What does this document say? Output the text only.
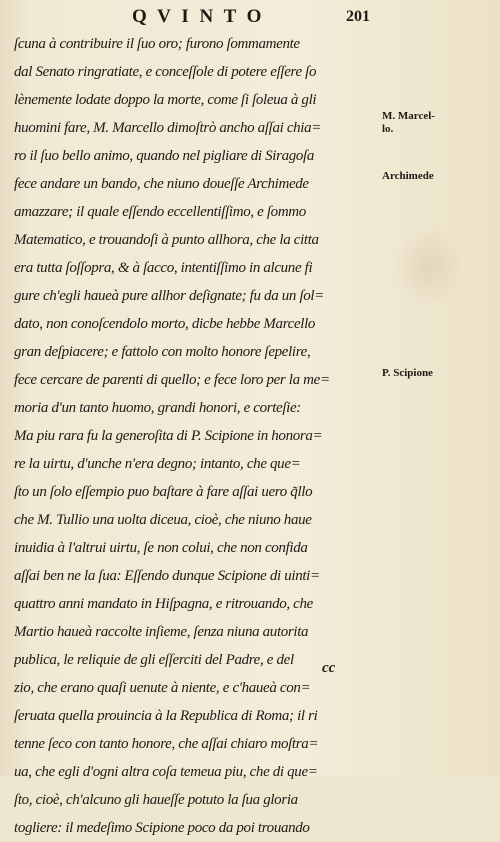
Q V I N T O	201
ſcuna à contribuire il ſuo oro; furono ſommamente
dal Senato ringratiate, e conceſſole di potere eſſere ſo
lènemente lodate doppo la morte, come ſi ſoleua à gli
huomini fare, M. Marcello dimoſtrò ancho aſſai chia=
ro il ſuo bello animo, quando nel pigliare di Siragoſa
fece andare un bando, che niuno doueſſe Archimede
amazzare; il quale eſſendo eccellentiſſimo, e ſommo
Matematico, e trouandoſi à punto allhora, che la citta
era tutta ſoſſopra, & à ſacco, intentiſſimo in alcune fi
gure ch'egli haueà pure allhor deſignate; fu da un ſol=
dato, non conoſcendolo morto, dicbe hebbe Marcello
gran deſpiacere; e fattolo con molto honore ſepelire,
fece cercare de parenti di quello; e fece loro per la me=
moria d'un tanto huomo, grandi honori, e corteſie:
Ma piu rara fu la generoſita di P. Scipione in honora=
re la uirtu, d'unche n'era degno; intanto, che que=
ſto un ſolo eſſempio puo baſtare à fare aſſai uero q̃llo
che M. Tullio una uolta diceua, cioè, che niuno haue
inuidia à l'altrui uirtu, ſe non colui, che non confida
aſſai ben ne la ſua: Eſſendo dunque Scipione di uinti=
quattro anni mandato in Hiſpagna, e ritrouando, che
Martio haueà raccolte inſieme, ſenza niuna autorita
publica, le reliquie de gli eſſerciti del Padre, e del
zio, che erano quaſi uenute à niente, e c'haueà con=
ſeruata quella prouincia à la Republica di Roma; il ri
tenne ſeco con tanto honore, che aſſai chiaro moſtra=
ua, che egli d'ogni altra coſa temeua piu, che di que=
ſto, cioè, ch'alcuno gli haueſſe potuto la ſua gloria
togliere: il medeſimo Scipione poco da poi trouando
M. Marcel-
lo.
Archimede
P. Scipione
cc
